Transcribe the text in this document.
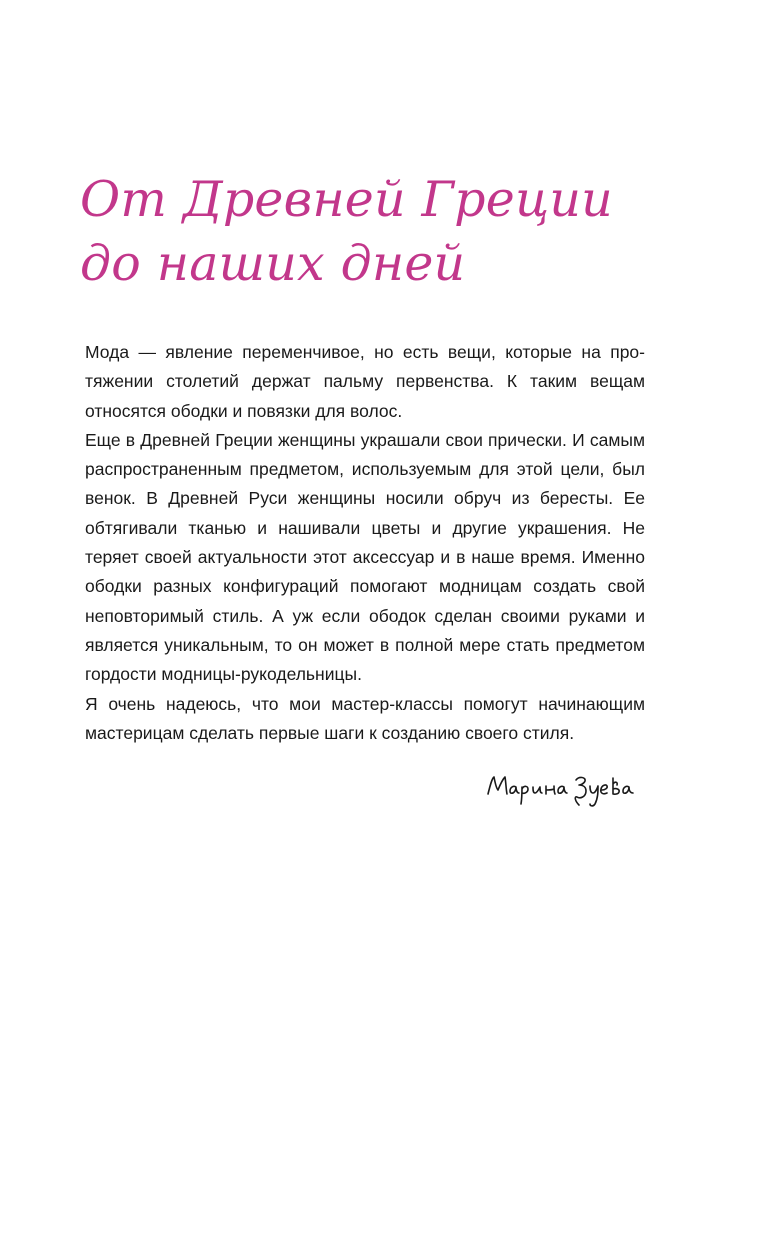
От Древней Греции
до наших дней

Мода — явление переменчивое, но есть вещи, которые на протяжении столетий держат пальму первенства. К таким вещам относятся ободки и повязки для волос.

Еще в Древней Греции женщины украшали свои прически. И самым распространенным предметом, используемым для этой цели, был венок. В Древней Руси женщины носили обруч из бересты. Ее обтягивали тканью и нашивали цветы и другие украшения. Не теряет своей актуальности этот аксессуар и в наше время. Именно ободки разных конфигураций помогают модницам создать свой неповторимый стиль. А уж если ободок сделан своими руками и является уникальным, то он может в полной мере стать предметом гордости модницы-рукодельницы.

Я очень надеюсь, что мои мастер-классы помогут начинающим мастерицам сделать первые шаги к созданию своего стиля.
